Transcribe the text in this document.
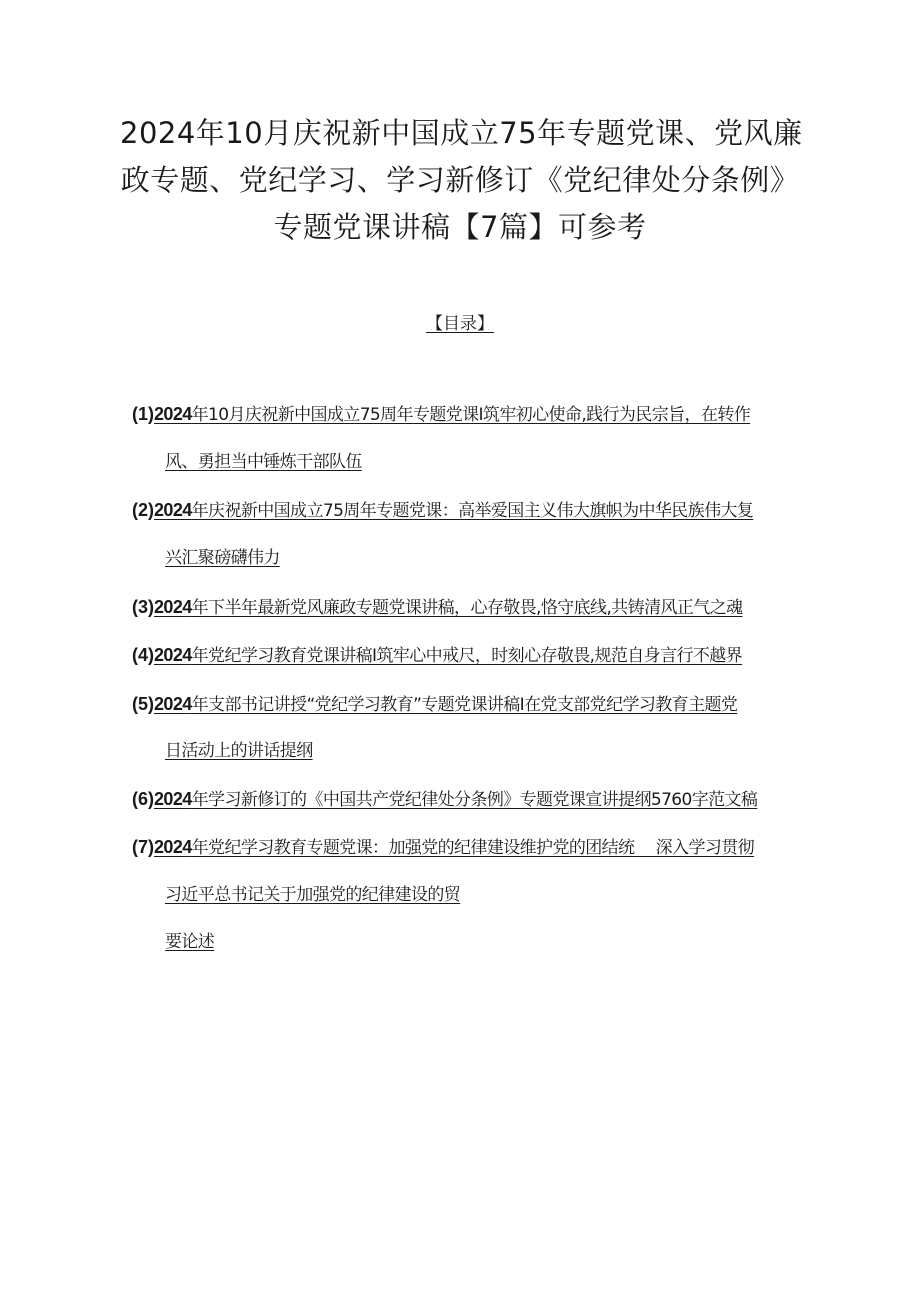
2024年10月庆祝新中国成立75年专题党课、党风廉
政专题、党纪学习、学习新修订《党纪律处分条例》
专题党课讲稿【7篇】可参考
【目录】
(1)2024年10月庆祝新中国成立75周年专题党课I筑牢初心使命,践行为民宗旨，在转作
风、勇担当中锤炼干部队伍
(2)2024年庆祝新中国成立75周年专题党课：高举爱国主义伟大旗帜为中华民族伟大复
兴汇聚磅礴伟力
(3)2024年下半年最新党风廉政专题党课讲稿，心存敬畏,恪守底线,共铸清风正气之魂
(4)2024年党纪学习教育党课讲稿I筑牢心中戒尺，时刻心存敬畏,规范自身言行不越界
(5)2024年支部书记讲授“党纪学习教育”专题党课讲稿I在党支部党纪学习教育主题党
日活动上的讲话提纲
(6)2024年学习新修订的《中国共产党纪律处分条例》专题党课宣讲提纲5760字范文稿
(7)2024年党纪学习教育专题党课：加强党的纪律建设维护党的团结统　 深入学习贯彻
习近平总书记关于加强党的纪律建设的贸
要论述
